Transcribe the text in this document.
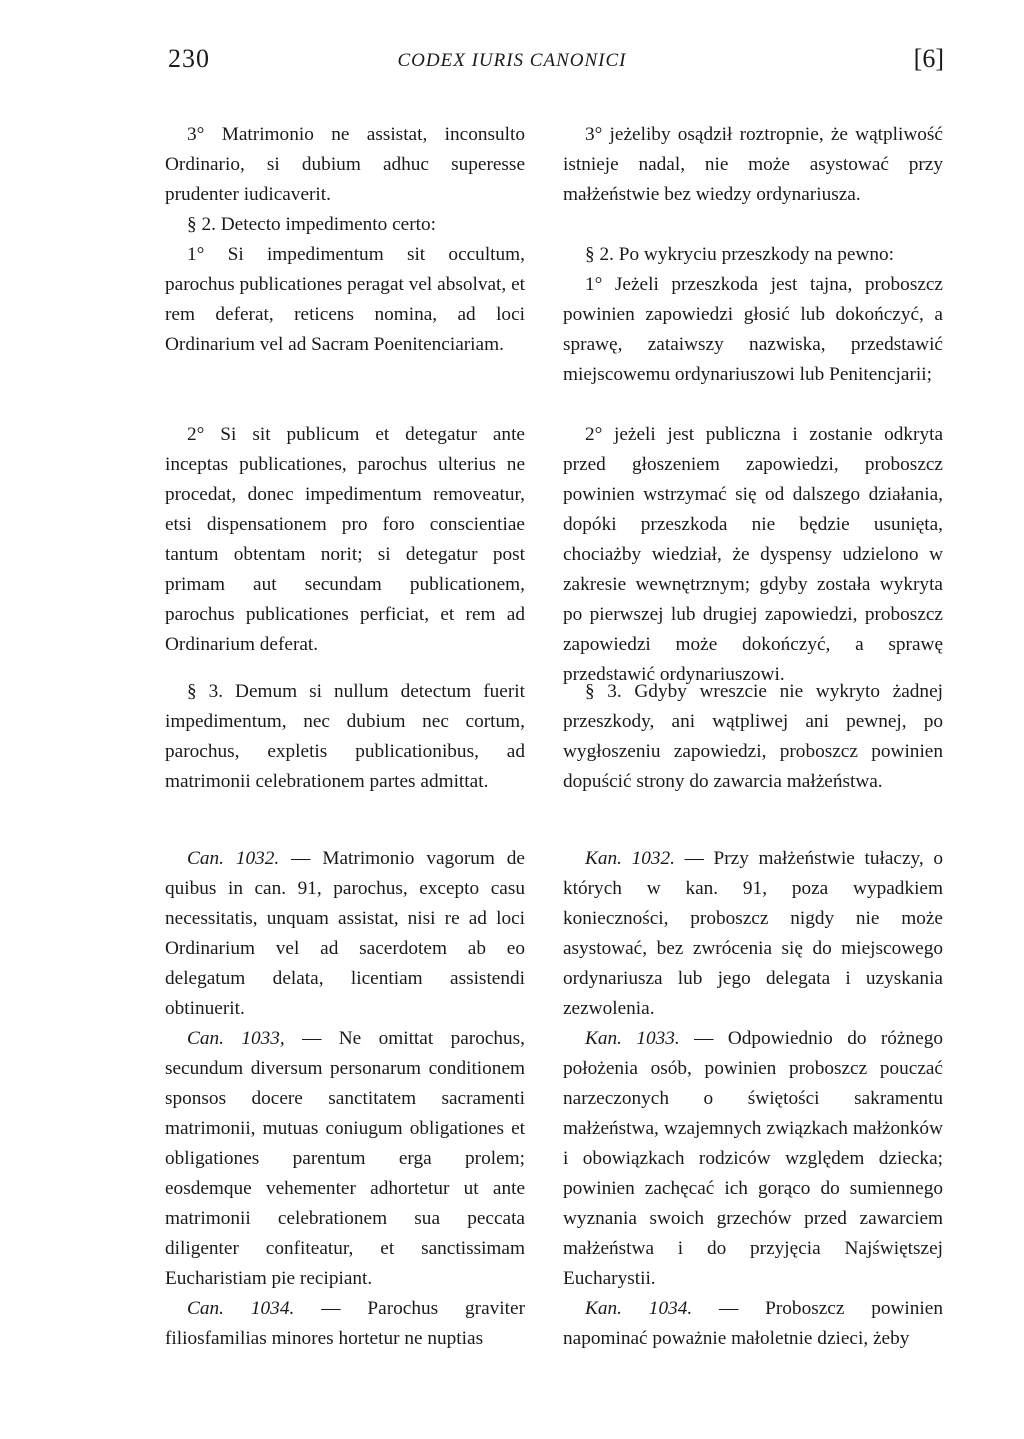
230	CODEX IURIS CANONICI	[6]

3° Matrimonio ne assistat, inconsulto Ordinario, si dubium adhuc superesse prudenter iudicaverit.

§ 2. Detecto impedimento certo:

1° Si impedimentum sit occultum, parochus publicationes peragat vel absolvat, et rem deferat, reticens nomina, ad loci Ordinarium vel ad Sacram Poenitenciariam.

2° Si sit publicum et detegatur ante inceptas publicationes, parochus ulterius ne procedat, donec impedimentum removeatur, etsi dispensationem pro foro conscientiae tantum obtentam norit; si detegatur post primam aut secundam publicationem, parochus publicationes perficiat, et rem ad Ordinarium deferat.

§ 3. Demum si nullum detectum fuerit impedimentum, nec dubium nec cortum, parochus, expletis publicationibus, ad matrimonii celebrationem partes admittat.

Can. 1032. — Matrimonio vagorum de quibus in can. 91, parochus, excepto casu necessitatis, unquam assistat, nisi re ad loci Ordinarium vel ad sacerdotem ab eo delegatum delata, licentiam assistendi obtinuerit.

Can. 1033, — Ne omittat parochus, secundum diversum personarum conditionem sponsos docere sanctitatem sacramenti matrimonii, mutuas coniugum obligationes et obligationes parentum erga prolem; eosdemque vehementer adhortetur ut ante matrimonii celebrationem sua peccata diligenter confiteatur, et sanctissimam Eucharistiam pie recipiant.

Can. 1034. — Parochus graviter filiosfamilias minores hortetur ne nuptias

3° jeżeliby osądził roztropnie, że wątpliwość istnieje nadal, nie może asystować przy małżeństwie bez wiedzy ordynariusza.

§ 2. Po wykryciu przeszkody na pewno:

1° Jeżeli przeszkoda jest tajna, proboszcz powinien zapowiedzi głosić lub dokończyć, a sprawę, zataiwszy nazwiska, przedstawić miejscowemu ordynariuszowi lub Penitencjarii;

2° jeżeli jest publiczna i zostanie odkryta przed głoszeniem zapowiedzi, proboszcz powinien wstrzymać się od dalszego działania, dopóki przeszkoda nie będzie usunięta, chociażby wiedział, że dyspensy udzielono w zakresie wewnętrznym; gdyby została wykryta po pierwszej lub drugiej zapowiedzi, proboszcz zapowiedzi może dokończyć, a sprawę przedstawić ordynariuszowi.

§ 3. Gdyby wreszcie nie wykryto żadnej przeszkody, ani wątpliwej ani pewnej, po wygłoszeniu zapowiedzi, proboszcz powinien dopuścić strony do zawarcia małżeństwa.

Kan. 1032. — Przy małżeństwie tułaczy, o których w kan. 91, poza wypadkiem konieczności, proboszcz nigdy nie może asystować, bez zwrócenia się do miejscowego ordynariusza lub jego delegata i uzyskania zezwolenia.

Kan. 1033. — Odpowiednio do różnego położenia osób, powinien proboszcz pouczać narzeczonych o świętości sakramentu małżeństwa, wzajemnych związkach małżonków i obowiązkach rodziców względem dziecka; powinien zachęcać ich gorąco do sumiennego wyznania swoich grzechów przed zawarciem małżeństwa i do przyjęcia Najświętszej Eucharystii.

Kan. 1034. — Proboszcz powinien napominać poważnie małoletnie dzieci, żeby
